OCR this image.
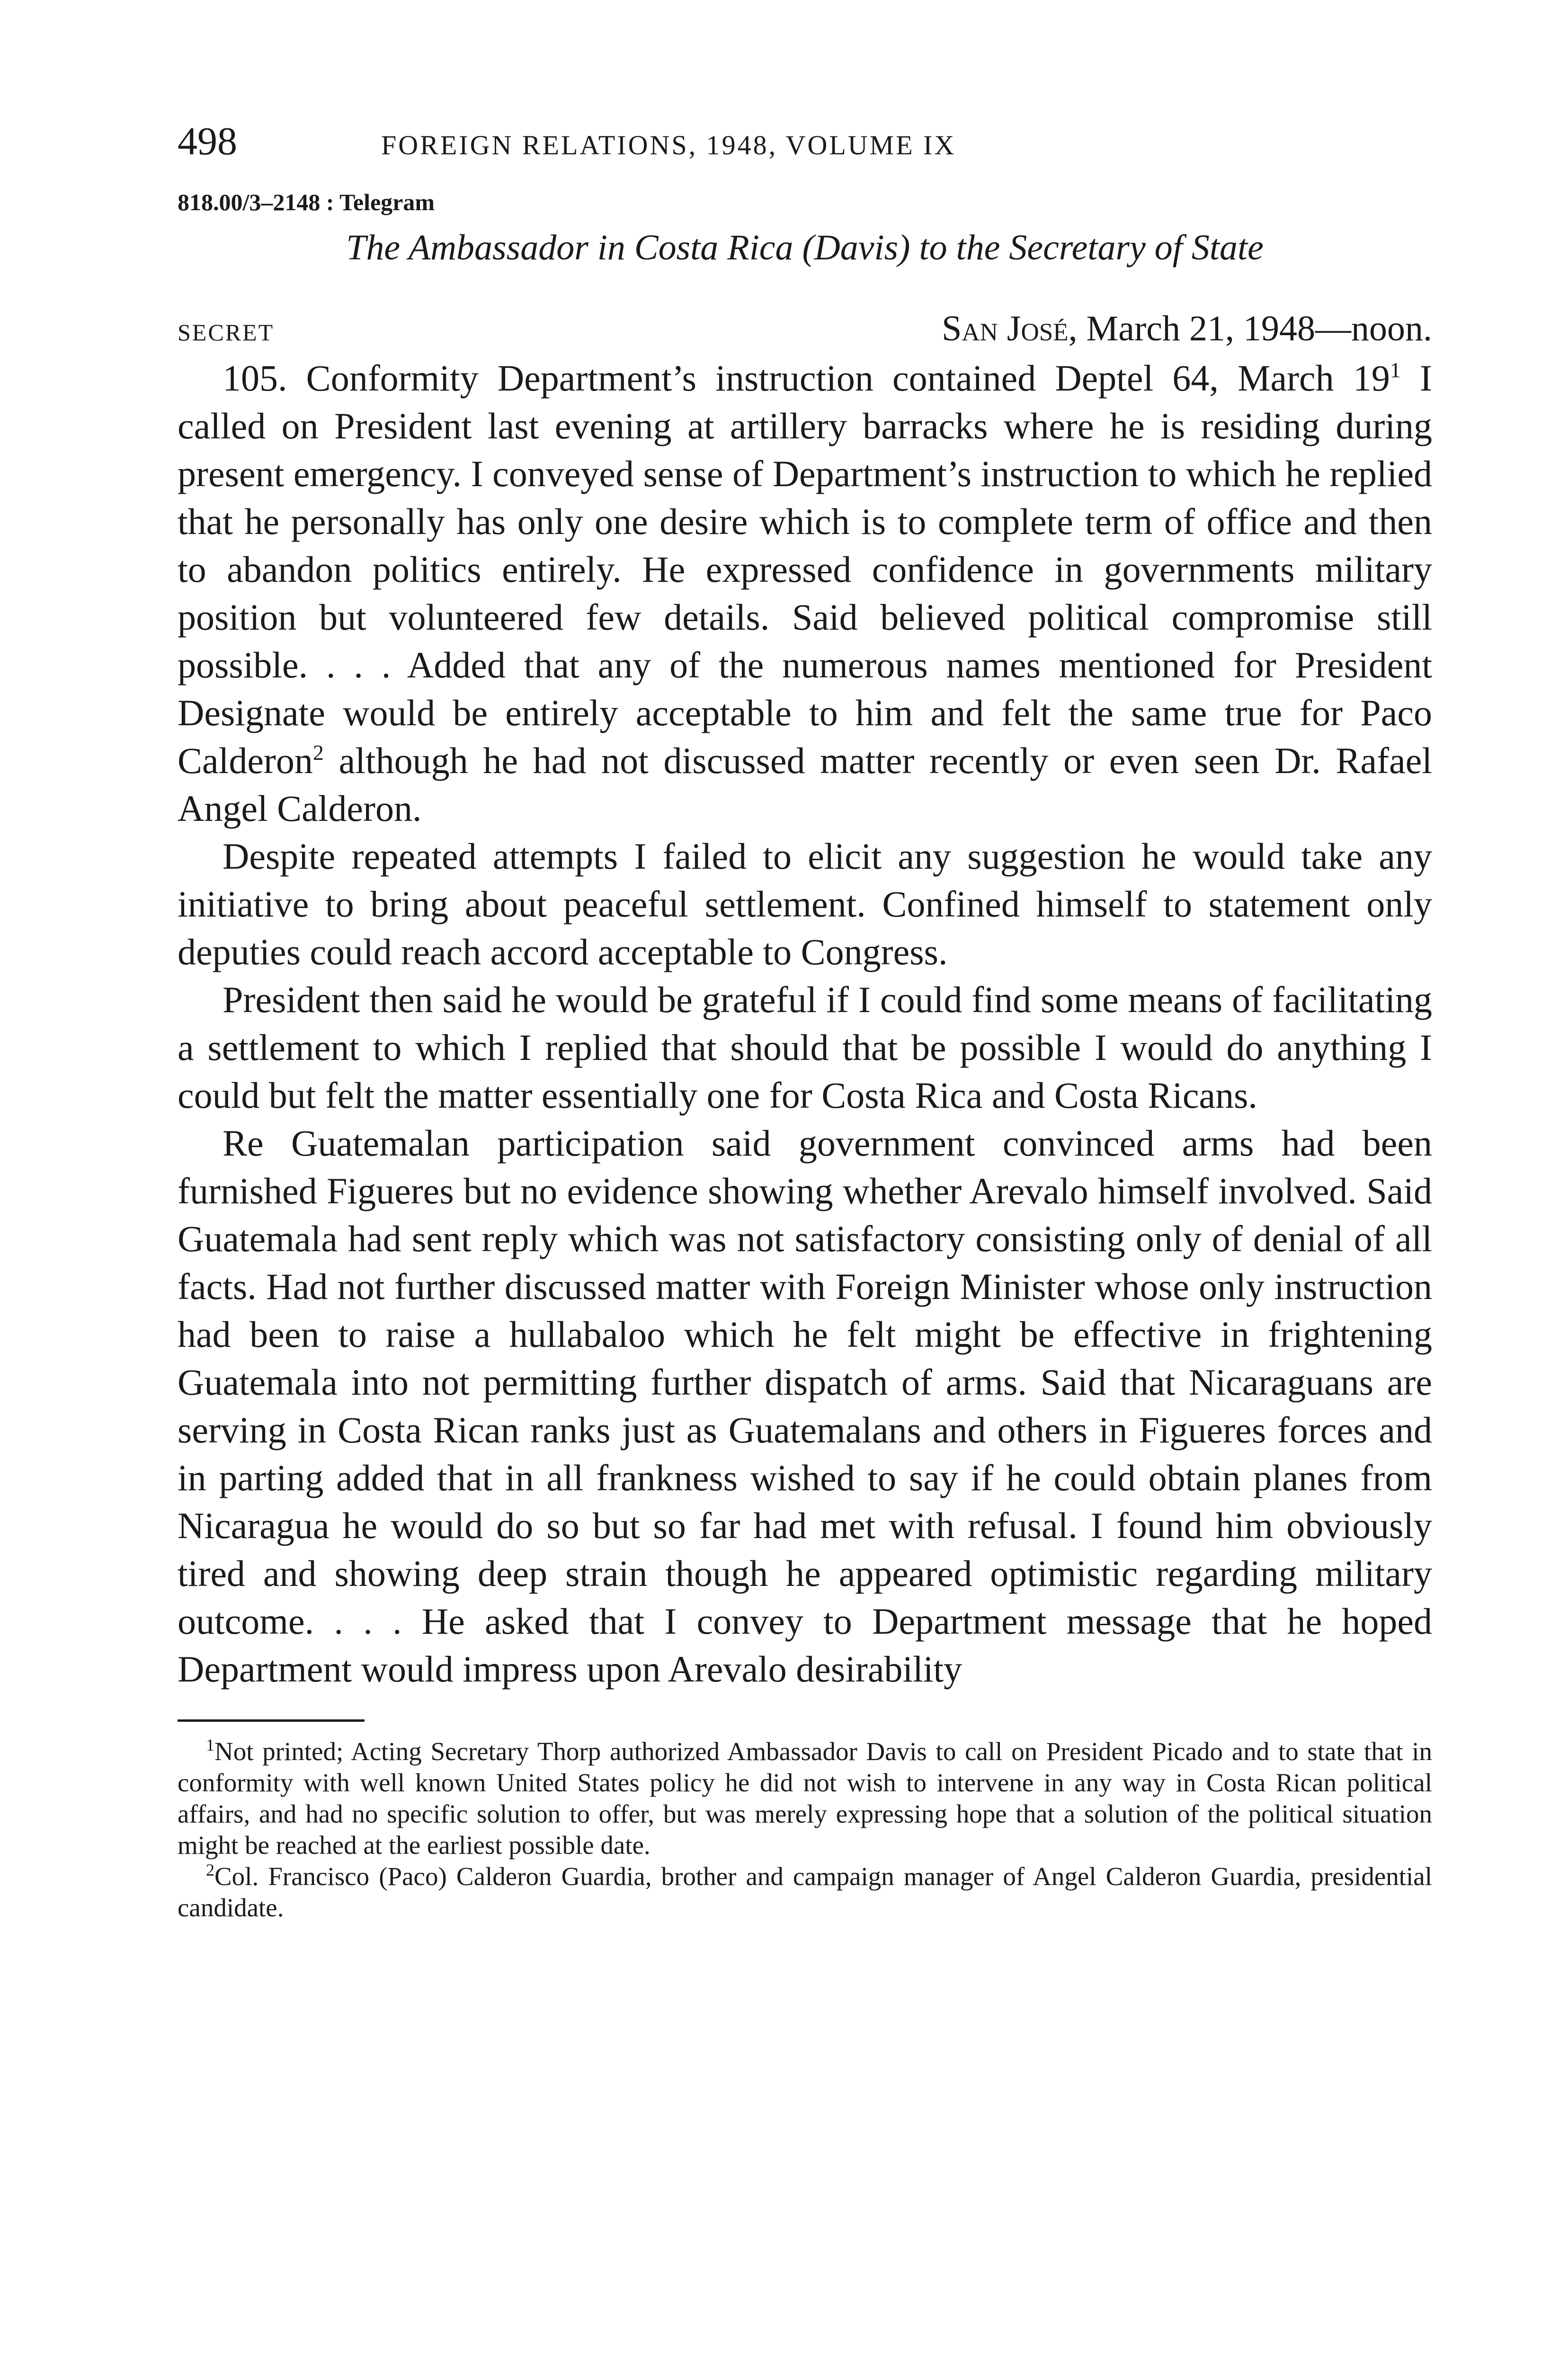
498	FOREIGN RELATIONS, 1948, VOLUME IX
818.00/3–2148 : Telegram
The Ambassador in Costa Rica (Davis) to the Secretary of State
SECRET	San José, March 21, 1948—noon.

105. Conformity Department’s instruction contained Deptel 64, March $19^1$ I called on President last evening at artillery barracks where he is residing during present emergency. I conveyed sense of Department’s instruction to which he replied that he personally has only one desire which is to complete term of office and then to abandon politics entirely. He expressed confidence in governments military position but volunteered few details. Said believed political compromise still possible. . . . Added that any of the numerous names mentioned for President Designate would be entirely acceptable to him and felt the same true for Paco Calderon$^2$ although he had not discussed matter recently or even seen Dr. Rafael Angel Calderon.

Despite repeated attempts I failed to elicit any suggestion he would take any initiative to bring about peaceful settlement. Confined himself to statement only deputies could reach accord acceptable to Congress.

President then said he would be grateful if I could find some means of facilitating a settlement to which I replied that should that be possible I would do anything I could but felt the matter essentially one for Costa Rica and Costa Ricans.

Re Guatemalan participation said government convinced arms had been furnished Figueres but no evidence showing whether Arevalo himself involved. Said Guatemala had sent reply which was not satisfactory consisting only of denial of all facts. Had not further discussed matter with Foreign Minister whose only instruction had been to raise a hullabaloo which he felt might be effective in frightening Guatemala into not permitting further dispatch of arms. Said that Nicaraguans are serving in Costa Rican ranks just as Guatemalans and others in Figueres forces and in parting added that in all frankness wished to say if he could obtain planes from Nicaragua he would do so but so far had met with refusal. I found him obviously tired and showing deep strain though he appeared optimistic regarding military outcome. . . . He asked that I convey to Department message that he hoped Department would impress upon Arevalo desirability

$^1$Not printed; Acting Secretary Thorp authorized Ambassador Davis to call on President Picado and to state that in conformity with well known United States policy he did not wish to intervene in any way in Costa Rican political affairs, and had no specific solution to offer, but was merely expressing hope that a solution of the political situation might be reached at the earliest possible date.

$^2$Col. Francisco (Paco) Calderon Guardia, brother and campaign manager of Angel Calderon Guardia, presidential candidate.
